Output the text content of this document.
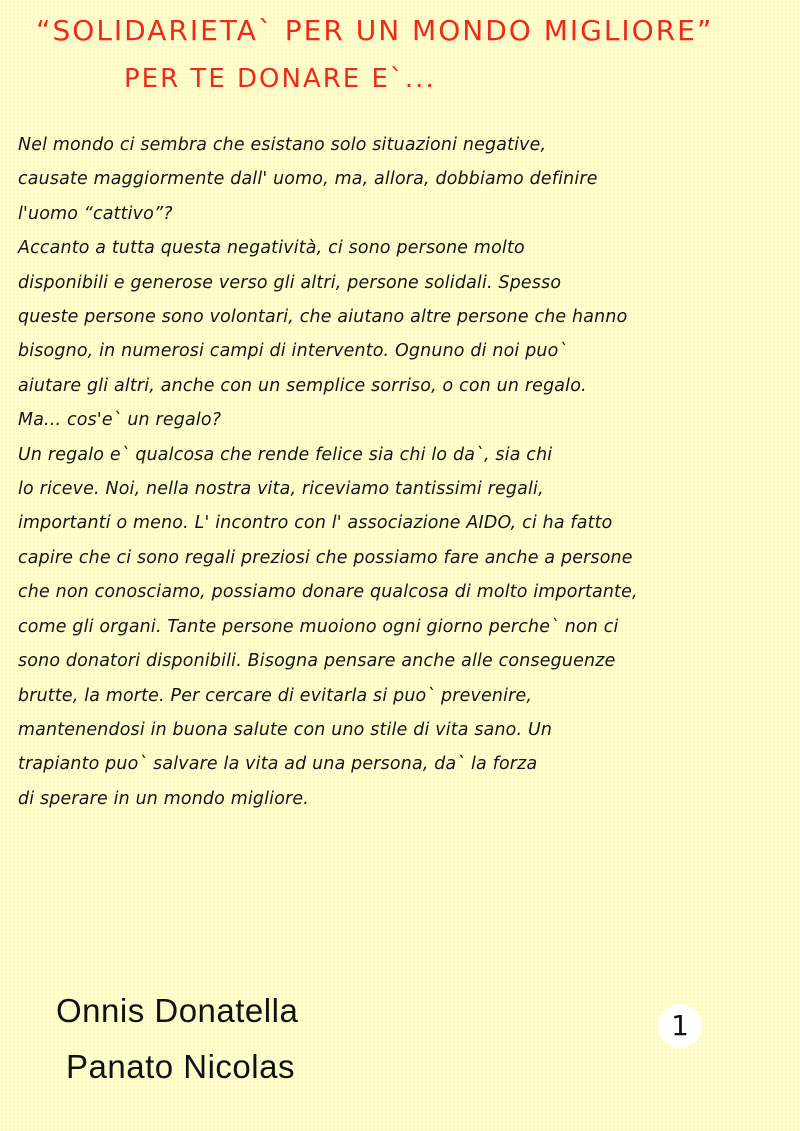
“SOLIDARIETA` PER UN MONDO MIGLIORE”
PER TE DONARE E`...
Nel mondo ci sembra che esistano solo situazioni negative,
causate maggiormente dall' uomo, ma, allora, dobbiamo definire
l'uomo “cattivo”?
Accanto a tutta questa negatività, ci sono persone molto
disponibili e generose verso gli altri, persone solidali. Spesso
queste persone sono volontari, che aiutano altre persone che hanno
bisogno, in numerosi campi di intervento. Ognuno di noi puo`
aiutare gli altri, anche con un semplice sorriso, o con un regalo.
Ma... cos'e` un regalo?
Un regalo e` qualcosa che rende felice sia chi lo da`, sia chi
lo riceve. Noi, nella nostra vita, riceviamo tantissimi regali,
importanti o meno. L' incontro con l' associazione AIDO, ci ha fatto
capire che ci sono regali preziosi che possiamo fare anche a persone
che non conosciamo, possiamo donare qualcosa di molto importante,
come gli organi. Tante persone muoiono ogni giorno perche` non ci
sono donatori disponibili. Bisogna pensare anche alle conseguenze
brutte, la morte. Per cercare di evitarla si puo` prevenire,
mantenendosi in buona salute con uno stile di vita sano. Un
trapianto puo` salvare la vita ad una persona, da` la forza
di sperare in un mondo migliore.
Onnis Donatella
Panato Nicolas
1
